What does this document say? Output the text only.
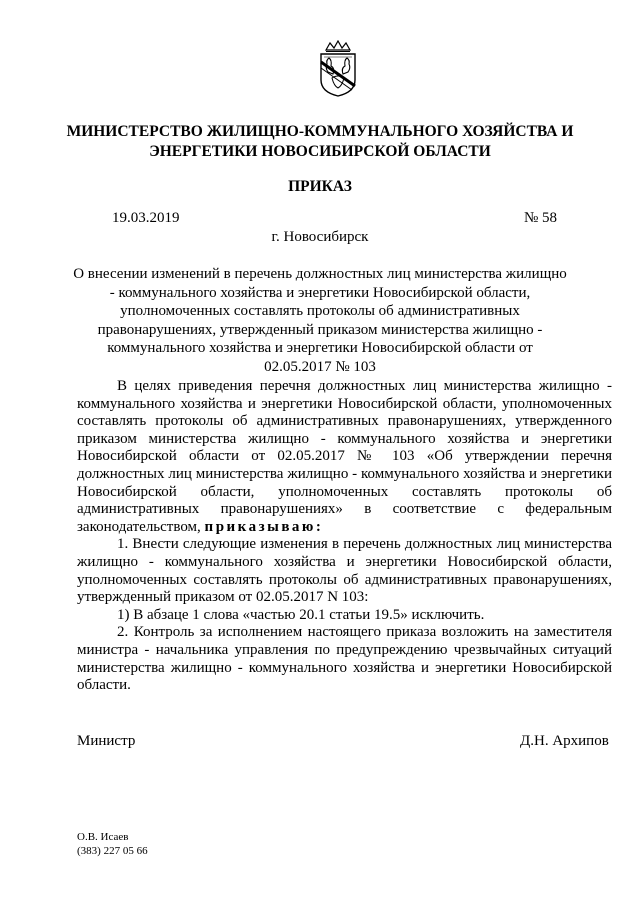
МИНИСТЕРСТВО ЖИЛИЩНО-КОММУНАЛЬНОГО ХОЗЯЙСТВА И
ЭНЕРГЕТИКИ НОВОСИБИРСКОЙ ОБЛАСТИ
ПРИКАЗ
19.03.2019	№ 58
г. Новосибирск
О внесении изменений в перечень должностных лиц министерства жилищно - коммунального хозяйства и энергетики Новосибирской области, уполномоченных составлять протоколы об административных правонарушениях, утвержденный приказом министерства жилищно - коммунального хозяйства и энергетики Новосибирской области от 02.05.2017 № 103

В целях приведения перечня должностных лиц министерства жилищно - коммунального хозяйства и энергетики Новосибирской области, уполномоченных составлять протоколы об административных правонарушениях, утвержденного приказом министерства жилищно - коммунального хозяйства и энергетики Новосибирской области от 02.05.2017 № 103 «Об утверждении перечня должностных лиц министерства жилищно - коммунального хозяйства и энергетики Новосибирской области, уполномоченных составлять протоколы об административных правонарушениях» в соответствие с федеральным законодательством, приказываю:

1. Внести следующие изменения в перечень должностных лиц министерства жилищно - коммунального хозяйства и энергетики Новосибирской области, уполномоченных составлять протоколы об административных правонарушениях, утвержденный приказом от 02.05.2017 N 103:

1) В абзаце 1 слова «частью 20.1 статьи 19.5» исключить.

2. Контроль за исполнением настоящего приказа возложить на заместителя министра - начальника управления по предупреждению чрезвычайных ситуаций министерства жилищно - коммунального хозяйства и энергетики Новосибирской области.

Министр	Д.Н. Архипов
О.В. Исаев
(383) 227 05 66
